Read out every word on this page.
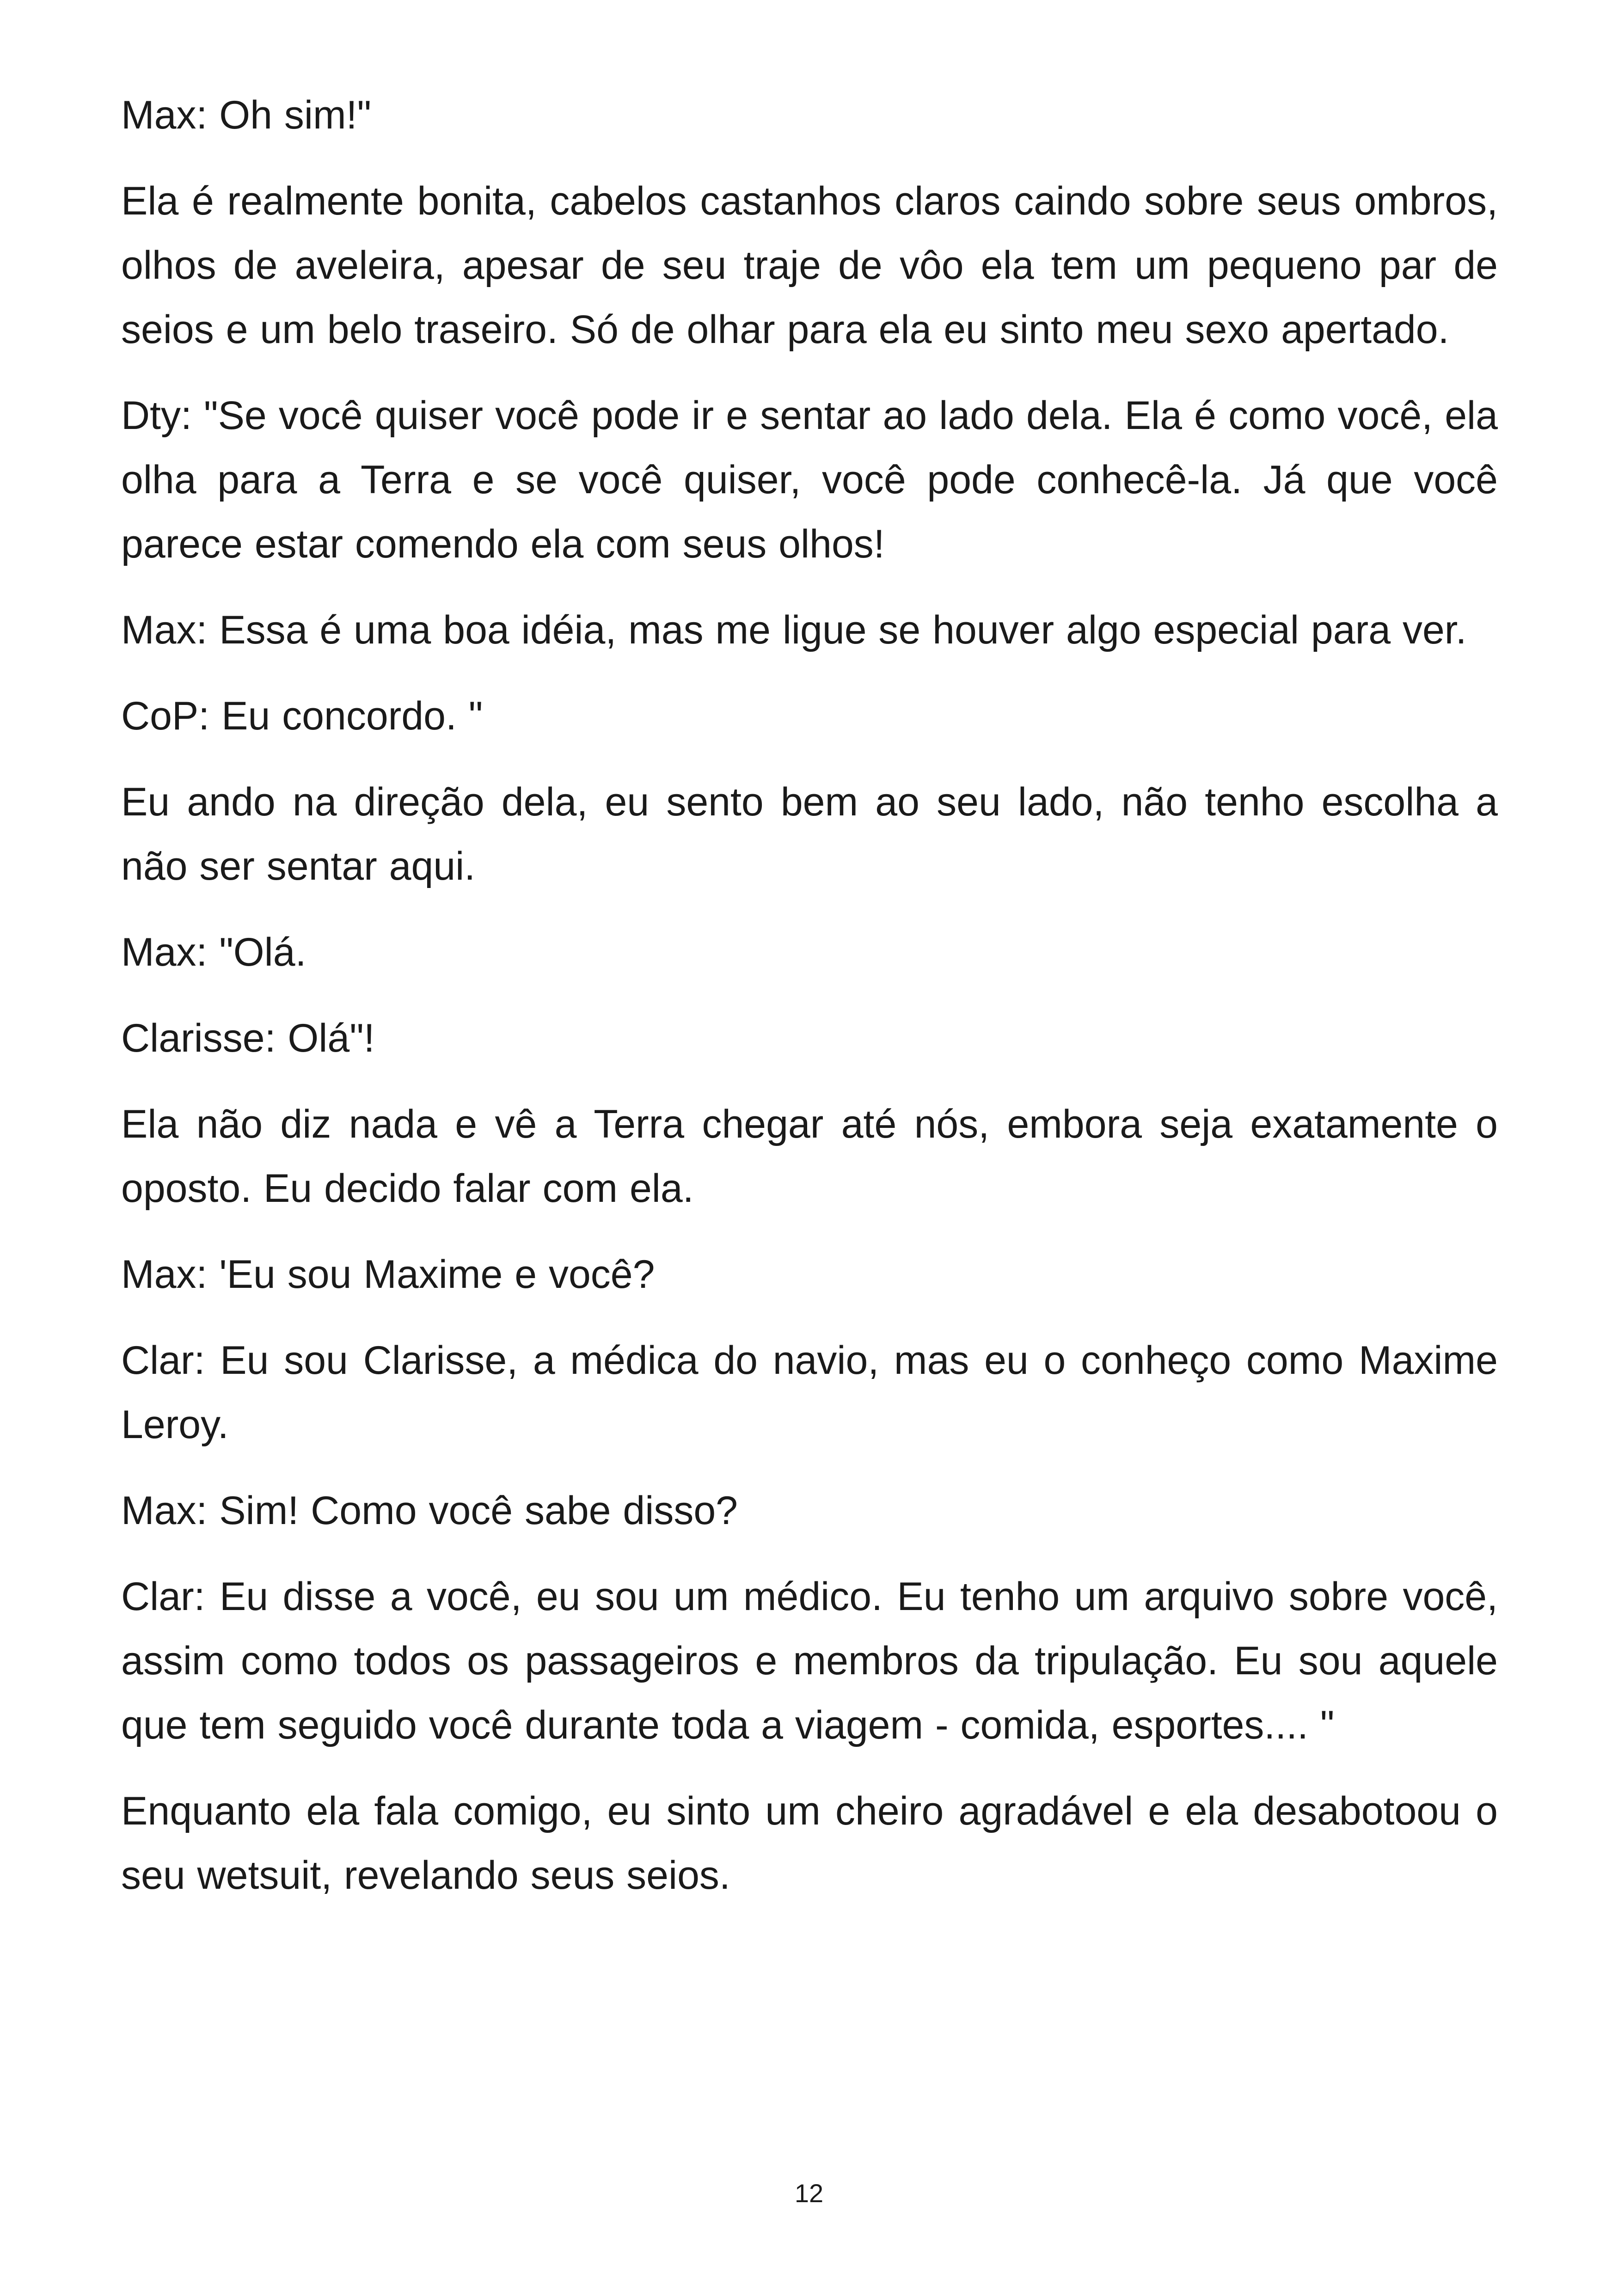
Max: Oh sim!"

Ela é realmente bonita, cabelos castanhos claros caindo sobre seus ombros, olhos de aveleira, apesar de seu traje de vôo ela tem um pequeno par de seios e um belo traseiro. Só de olhar para ela eu sinto meu sexo apertado.

Dty: "Se você quiser você pode ir e sentar ao lado dela. Ela é como você, ela olha para a Terra e se você quiser, você pode conhecê-la. Já que você parece estar comendo ela com seus olhos!

Max: Essa é uma boa idéia, mas me ligue se houver algo especial para ver.

CoP: Eu concordo. "

Eu ando na direção dela, eu sento bem ao seu lado, não tenho escolha a não ser sentar aqui.

Max: "Olá.

Clarisse: Olá"!

Ela não diz nada e vê a Terra chegar até nós, embora seja exatamente o oposto. Eu decido falar com ela.

Max: 'Eu sou Maxime e você?

Clar: Eu sou Clarisse, a médica do navio, mas eu o conheço como Maxime Leroy.

Max: Sim! Como você sabe disso?

Clar: Eu disse a você, eu sou um médico. Eu tenho um arquivo sobre você, assim como todos os passageiros e membros da tripulação. Eu sou aquele que tem seguido você durante toda a viagem - comida, esportes.... "

Enquanto ela fala comigo, eu sinto um cheiro agradável e ela desabotoou o seu wetsuit, revelando seus seios.

12
